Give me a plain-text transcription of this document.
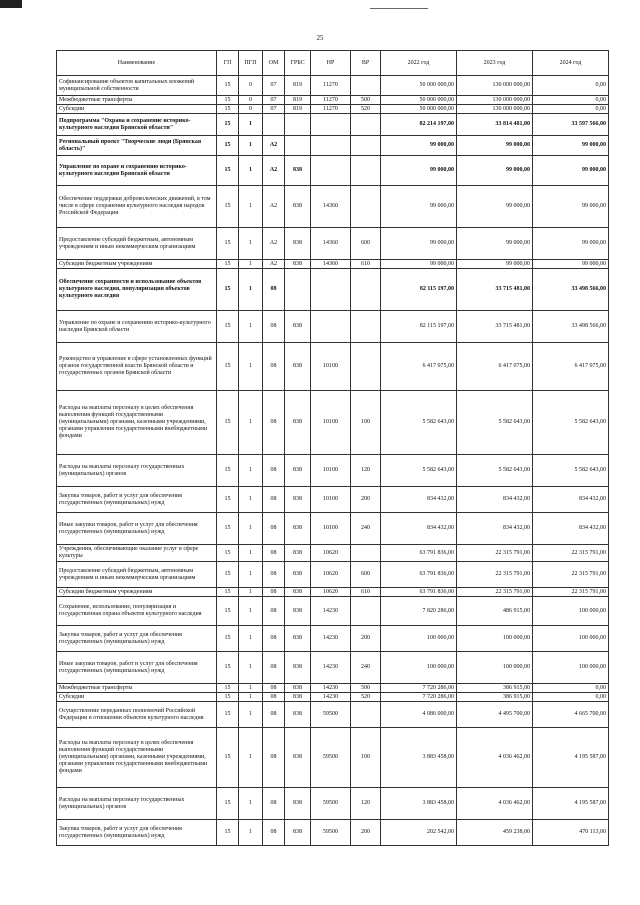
25
Наименование	ГП	ПГП	ОМ	ГРБС	НР	ВР	2022 год	2023 год	2024 год
Софинансирование объектов капитальных вложений муниципальной собственности	15	0	07	819	11270		50 000 000,00	130 000 000,00	0,00
Межбюджетные трансферты	15	0	07	819	11270	500	50 000 000,00	130 000 000,00	0,00
Субсидии	15	0	07	819	11270	520	50 000 000,00	130 000 000,00	0,00
Подпрограмма "Охрана и сохранение историко-культурного наследия Брянской области"	15	1					82 214 197,00	33 814 481,00	33 597 566,00
Региональный проект "Творческие люди (Брянская область)"	15	1	A2				99 000,00	99 000,00	99 000,00
Управление по охране и сохранению историко-культурного наследия Брянской области	15	1	A2	838			99 000,00	99 000,00	99 000,00
Обеспечение поддержки добровольческих движений, в том числе в сфере сохранения культурного наследия народов Российской Федерации	15	1	A2	838	14360		99 000,00	99 000,00	99 000,00
Предоставление субсидий бюджетным, автономным учреждениям и иным некоммерческим организациям	15	1	A2	838	14360	600	99 000,00	99 000,00	99 000,00
Субсидии бюджетным учреждениям	15	1	A2	838	14360	610	99 000,00	99 000,00	99 000,00
Обеспечение сохранности и использование объектов культурного наследия, популяризация объектов культурного наследия	15	1	08				82 115 197,00	33 715 481,00	33 498 566,00
Управление по охране и сохранению историко-культурного наследия Брянской области	15	1	08	838			82 115 197,00	33 715 481,00	33 498 566,00
Руководство и управление в сфере установленных функций органов государственной власти Брянской области и государственных органов Брянской области	15	1	08	838	10100		6 417 075,00	6 417 075,00	6 417 075,00
Расходы на выплаты персоналу в целях обеспечения выполнения функций государственными (муниципальными) органами, казенными учреждениями, органами управления государственными внебюджетными фондами	15	1	08	838	10100	100	5 582 643,00	5 582 643,00	5 582 643,00
Расходы на выплаты персоналу государственных (муниципальных) органов	15	1	08	838	10100	120	5 582 643,00	5 582 643,00	5 582 643,00
Закупка товаров, работ и услуг для обеспечения государственных (муниципальных) нужд	15	1	08	838	10100	200	834 432,00	834 432,00	834 432,00
Иные закупки товаров, работ и услуг для обеспечения государственных (муниципальных) нужд	15	1	08	838	10100	240	834 432,00	834 432,00	834 432,00
Учреждения, обеспечивающие оказание услуг в сфере культуры	15	1	08	838	10620		63 791 836,00	22 315 791,00	22 315 791,00
Предоставление субсидий бюджетным, автономным учреждениям и иным некоммерческим организациям	15	1	08	838	10620	600	63 791 836,00	22 315 791,00	22 315 791,00
Субсидии бюджетным учреждениям	15	1	08	838	10620	610	63 791 836,00	22 315 791,00	22 315 791,00
Сохранение, использование, популяризация и государственная охрана объектов культурного наследия	15	1	08	838	14230		7 820 286,00	486 915,00	100 000,00
Закупка товаров, работ и услуг для обеспечения государственных (муниципальных) нужд	15	1	08	838	14230	200	100 000,00	100 000,00	100 000,00
Иные закупки товаров, работ и услуг для обеспечения государственных (муниципальных) нужд	15	1	08	838	14230	240	100 000,00	100 000,00	100 000,00
Межбюджетные трансферты	15	1	08	838	14230	500	7 720 286,00	386 915,00	0,00
Субсидии	15	1	08	838	14230	520	7 720 286,00	386 915,00	0,00
Осуществление переданных полномочий Российской Федерации в отношении объектов культурного наследия	15	1	08	838	59500		4 086 000,00	4 495 700,00	4 665 700,00
Расходы на выплаты персоналу в целях обеспечения выполнения функций государственными (муниципальными) органами, казенными учреждениями, органами управления государственными внебюджетными фондами	15	1	08	838	59500	100	3 883 458,00	4 036 462,00	4 195 587,00
Расходы на выплаты персоналу государственных (муниципальных) органов	15	1	08	838	59500	120	3 883 458,00	4 036 462,00	4 195 587,00
Закупка товаров, работ и услуг для обеспечения государственных (муниципальных) нужд	15	1	08	838	59500	200	202 542,00	459 238,00	470 113,00
